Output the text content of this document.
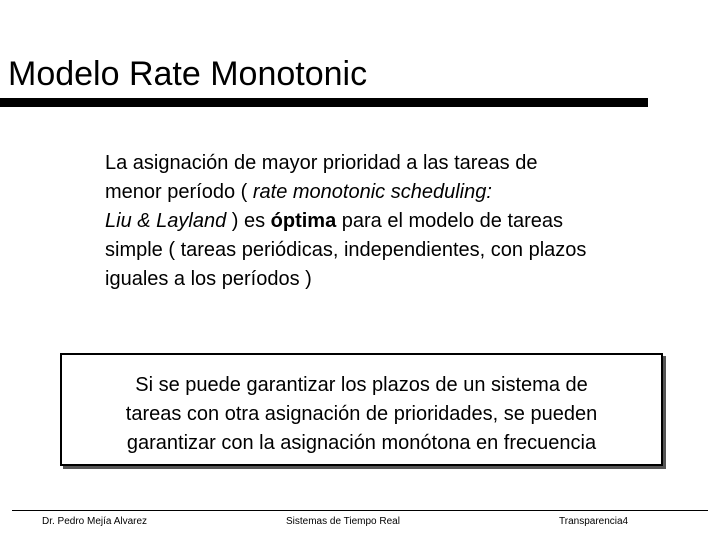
Modelo Rate Monotonic
La asignación de mayor prioridad a las tareas de
menor período ( rate monotonic scheduling:
Liu & Layland ) es óptima para el modelo de tareas
simple ( tareas periódicas, independientes, con plazos
iguales a los períodos )
Si se puede garantizar los plazos de un sistema de
tareas con otra asignación de prioridades, se pueden
garantizar con la asignación monótona en frecuencia
Dr. Pedro Mejía Alvarez	Sistemas de Tiempo Real	Transparencia4
